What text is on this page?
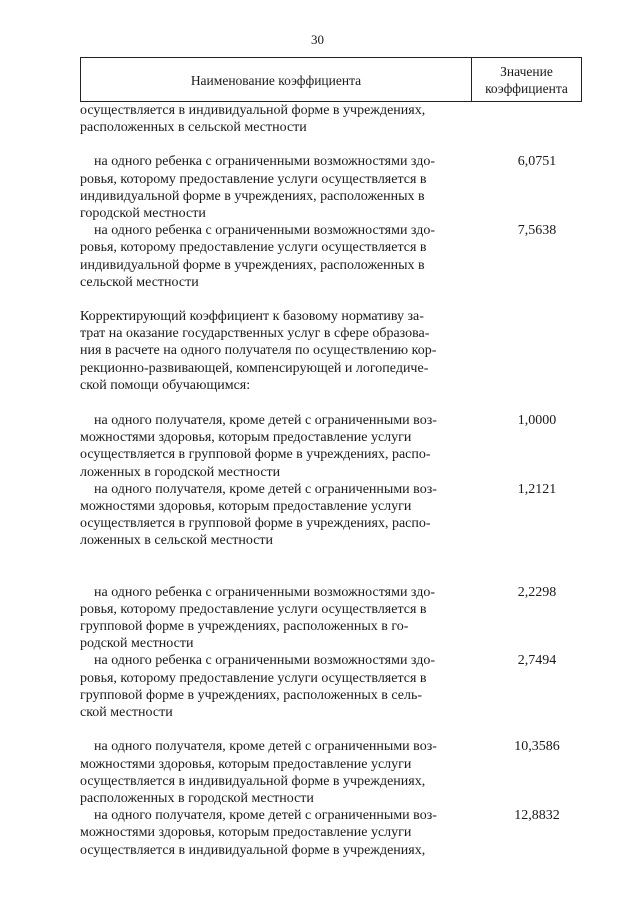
30
Наименование коэффициента
Значение
коэффициента
осуществляется в индивидуальной форме в учреждениях,
расположенных в сельской местности
на одного ребенка с ограниченными возможностями здо-
ровья, которому предоставление услуги осуществляется в
индивидуальной форме в учреждениях, расположенных в
городской местности
6,0751
на одного ребенка с ограниченными возможностями здо-
ровья, которому предоставление услуги осуществляется в
индивидуальной форме в учреждениях, расположенных в
сельской местности
7,5638
Корректирующий коэффициент к базовому нормативу за-
трат на оказание государственных услуг в сфере образова-
ния в расчете на одного получателя по осуществлению кор-
рекционно-развивающей, компенсирующей и логопедиче-
ской помощи обучающимся:
на одного получателя, кроме детей с ограниченными воз-
можностями здоровья, которым предоставление услуги
осуществляется в групповой форме в учреждениях, распо-
ложенных в городской местности
1,0000
на одного получателя, кроме детей с ограниченными воз-
можностями здоровья, которым предоставление услуги
осуществляется в групповой форме в учреждениях, распо-
ложенных в сельской местности
1,2121
на одного ребенка с ограниченными возможностями здо-
ровья, которому предоставление услуги осуществляется в
групповой форме в учреждениях, расположенных в го-
родской местности
2,2298
на одного ребенка с ограниченными возможностями здо-
ровья, которому предоставление услуги осуществляется в
групповой форме в учреждениях, расположенных в сель-
ской местности
2,7494
на одного получателя, кроме детей с ограниченными воз-
можностями здоровья, которым предоставление услуги
осуществляется в индивидуальной форме в учреждениях,
расположенных в городской местности
10,3586
на одного получателя, кроме детей с ограниченными воз-
можностями здоровья, которым предоставление услуги
осуществляется в индивидуальной форме в учреждениях,
12,8832
